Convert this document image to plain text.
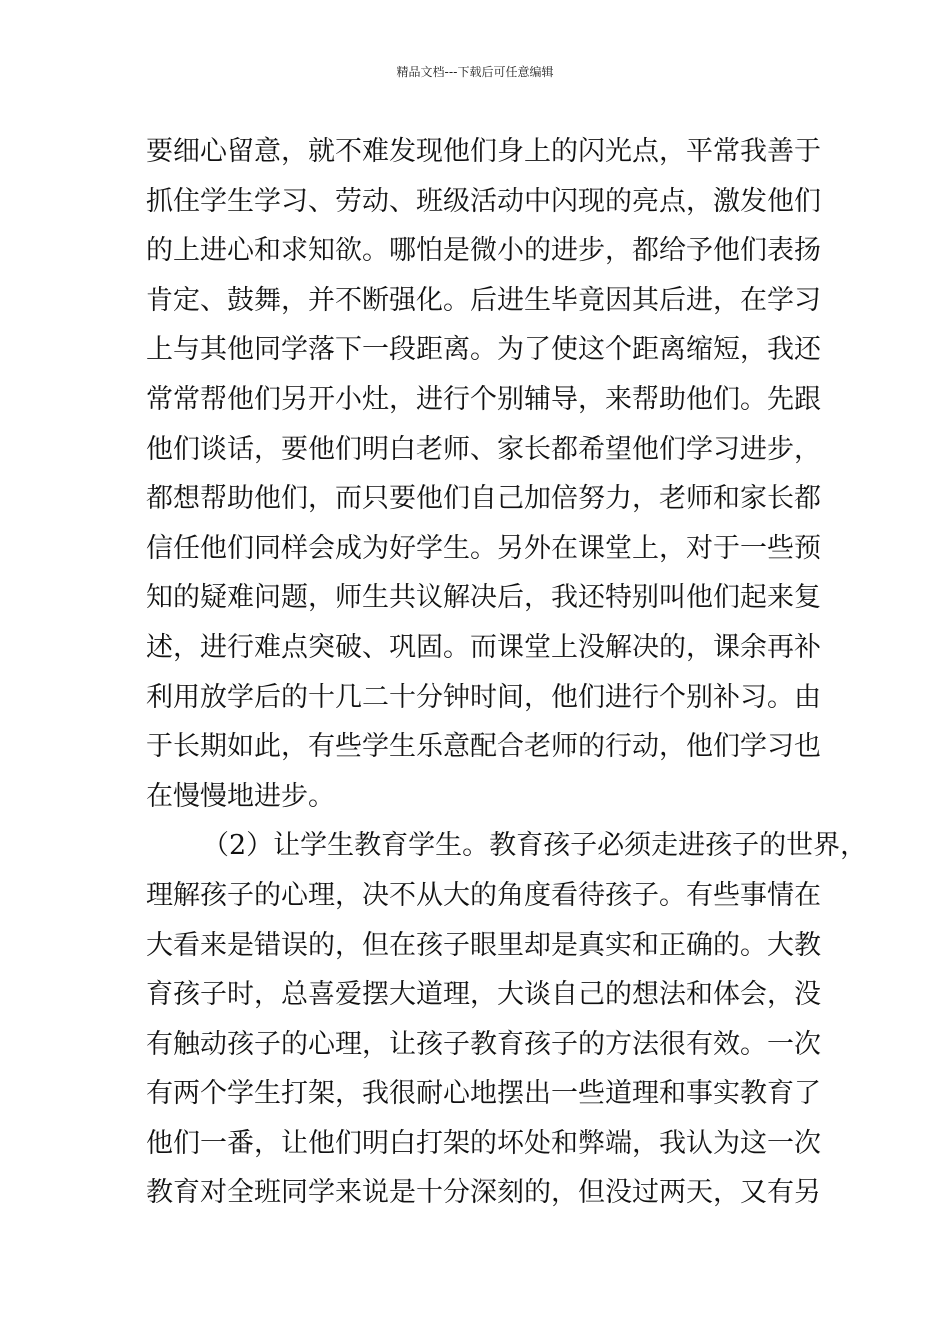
精品文档---下载后可任意编辑
要细心留意，就不难发现他们身上的闪光点，平常我善于
抓住学生学习、劳动、班级活动中闪现的亮点，激发他们
的上进心和求知欲。哪怕是微小的进步，都给予他们表扬
肯定、鼓舞，并不断强化。后进生毕竟因其后进，在学习
上与其他同学落下一段距离。为了使这个距离缩短，我还
常常帮他们另开小灶，进行个别辅导，来帮助他们。先跟
他们谈话，要他们明白老师、家长都希望他们学习进步，
都想帮助他们，而只要他们自己加倍努力，老师和家长都
信任他们同样会成为好学生。另外在课堂上，对于一些预
知的疑难问题，师生共议解决后，我还特别叫他们起来复
述，进行难点突破、巩固。而课堂上没解决的，课余再补
利用放学后的十几二十分钟时间，他们进行个别补习。由
于长期如此，有些学生乐意配合老师的行动，他们学习也
在慢慢地进步。
（2）让学生教育学生。教育孩子必须走进孩子的世界，
理解孩子的心理，决不从大的角度看待孩子。有些事情在
大看来是错误的，但在孩子眼里却是真实和正确的。大教
育孩子时，总喜爱摆大道理，大谈自己的想法和体会，没
有触动孩子的心理，让孩子教育孩子的方法很有效。一次
有两个学生打架，我很耐心地摆出一些道理和事实教育了
他们一番，让他们明白打架的坏处和弊端，我认为这一次
教育对全班同学来说是十分深刻的，但没过两天，又有另
